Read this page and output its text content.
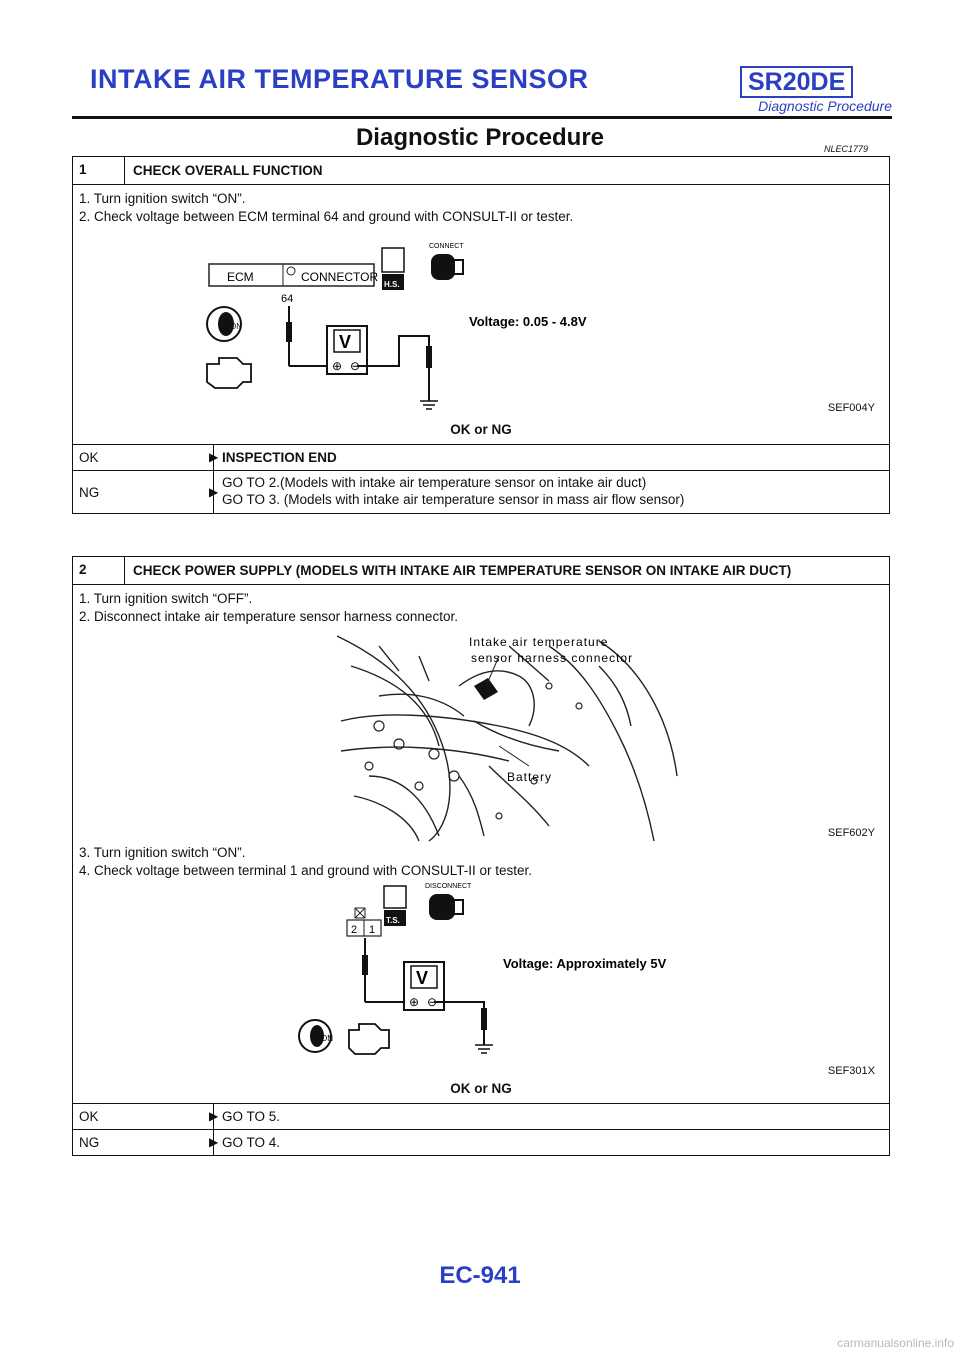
INTAKE AIR TEMPERATURE SENSOR	SR20DE
Diagnostic Procedure
Diagnostic Procedure	NLEC1779
1	CHECK OVERALL FUNCTION
1. Turn ignition switch “ON”.
2. Check voltage between ECM terminal 64 and ground with CONSULT-II or tester.
ECM	CONNECTOR
64
V
⊕ ⊖
H.S.
CONNECT
ON	Voltage: 0.05 - 4.8V
SEF004Y
OK or NG
OK	▶ INSPECTION END
NG	▶
GO TO 2.(Models with intake air temperature sensor on intake air duct)
GO TO 3. (Models with intake air temperature sensor in mass air flow sensor)
2	CHECK POWER SUPPLY (MODELS WITH INTAKE AIR TEMPERATURE SENSOR ON INTAKE AIR DUCT)
1. Turn ignition switch “OFF”.
2. Disconnect intake air temperature sensor harness connector.
Intake air temperature
sensor harness connector
Battery
SEF602Y
3. Turn ignition switch “ON”.
4. Check voltage between terminal 1 and ground with CONSULT-II or tester.
2 1
V
⊕ ⊖
T.S.
DISCONNECT
ON
Voltage: Approximately 5V
SEF301X
OK or NG
OK	▶ GO TO 5.
NG	▶ GO TO 4.
EC-941
carmanualsonline.info
